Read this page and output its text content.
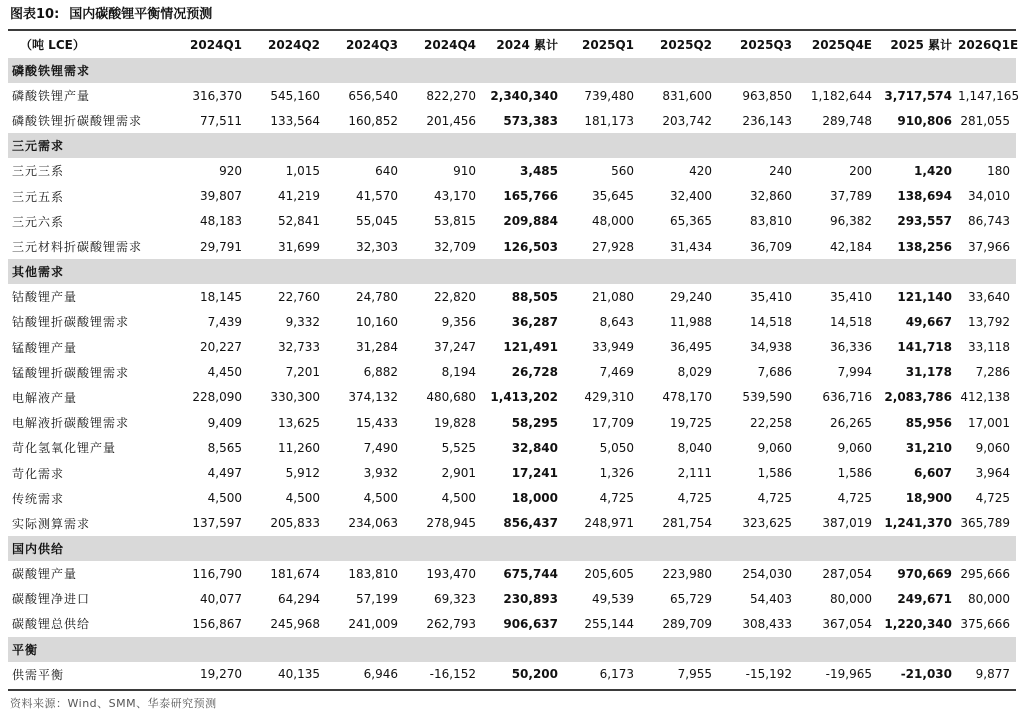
图表10: 国内碳酸锂平衡情况预测
（吨 LCE）	2024Q1	2024Q2	2024Q3	2024Q4	2024 累计	2025Q1	2025Q2	2025Q3	2025Q4E	2025 累计	2026Q1E
磷酸铁锂需求											
磷酸铁锂产量	316,370	545,160	656,540	822,270	2,340,340	739,480	831,600	963,850	1,182,644	3,717,574	1,147,165
磷酸铁锂折碳酸锂需求	77,511	133,564	160,852	201,456	573,383	181,173	203,742	236,143	289,748	910,806	281,055
三元需求											
三元三系	920	1,015	640	910	3,485	560	420	240	200	1,420	180
三元五系	39,807	41,219	41,570	43,170	165,766	35,645	32,400	32,860	37,789	138,694	34,010
三元六系	48,183	52,841	55,045	53,815	209,884	48,000	65,365	83,810	96,382	293,557	86,743
三元材料折碳酸锂需求	29,791	31,699	32,303	32,709	126,503	27,928	31,434	36,709	42,184	138,256	37,966
其他需求											
钴酸锂产量	18,145	22,760	24,780	22,820	88,505	21,080	29,240	35,410	35,410	121,140	33,640
钴酸锂折碳酸锂需求	7,439	9,332	10,160	9,356	36,287	8,643	11,988	14,518	14,518	49,667	13,792
锰酸锂产量	20,227	32,733	31,284	37,247	121,491	33,949	36,495	34,938	36,336	141,718	33,118
锰酸锂折碳酸锂需求	4,450	7,201	6,882	8,194	26,728	7,469	8,029	7,686	7,994	31,178	7,286
电解液产量	228,090	330,300	374,132	480,680	1,413,202	429,310	478,170	539,590	636,716	2,083,786	412,138
电解液折碳酸锂需求	9,409	13,625	15,433	19,828	58,295	17,709	19,725	22,258	26,265	85,956	17,001
苛化氢氧化锂产量	8,565	11,260	7,490	5,525	32,840	5,050	8,040	9,060	9,060	31,210	9,060
苛化需求	4,497	5,912	3,932	2,901	17,241	1,326	2,111	1,586	1,586	6,607	3,964
传统需求	4,500	4,500	4,500	4,500	18,000	4,725	4,725	4,725	4,725	18,900	4,725
实际测算需求	137,597	205,833	234,063	278,945	856,437	248,971	281,754	323,625	387,019	1,241,370	365,789
国内供给											
碳酸锂产量	116,790	181,674	183,810	193,470	675,744	205,605	223,980	254,030	287,054	970,669	295,666
碳酸锂净进口	40,077	64,294	57,199	69,323	230,893	49,539	65,729	54,403	80,000	249,671	80,000
碳酸锂总供给	156,867	245,968	241,009	262,793	906,637	255,144	289,709	308,433	367,054	1,220,340	375,666
平衡											
供需平衡	19,270	40,135	6,946	-16,152	50,200	6,173	7,955	-15,192	-19,965	-21,030	9,877
资料来源：Wind、SMM、华泰研究预测
